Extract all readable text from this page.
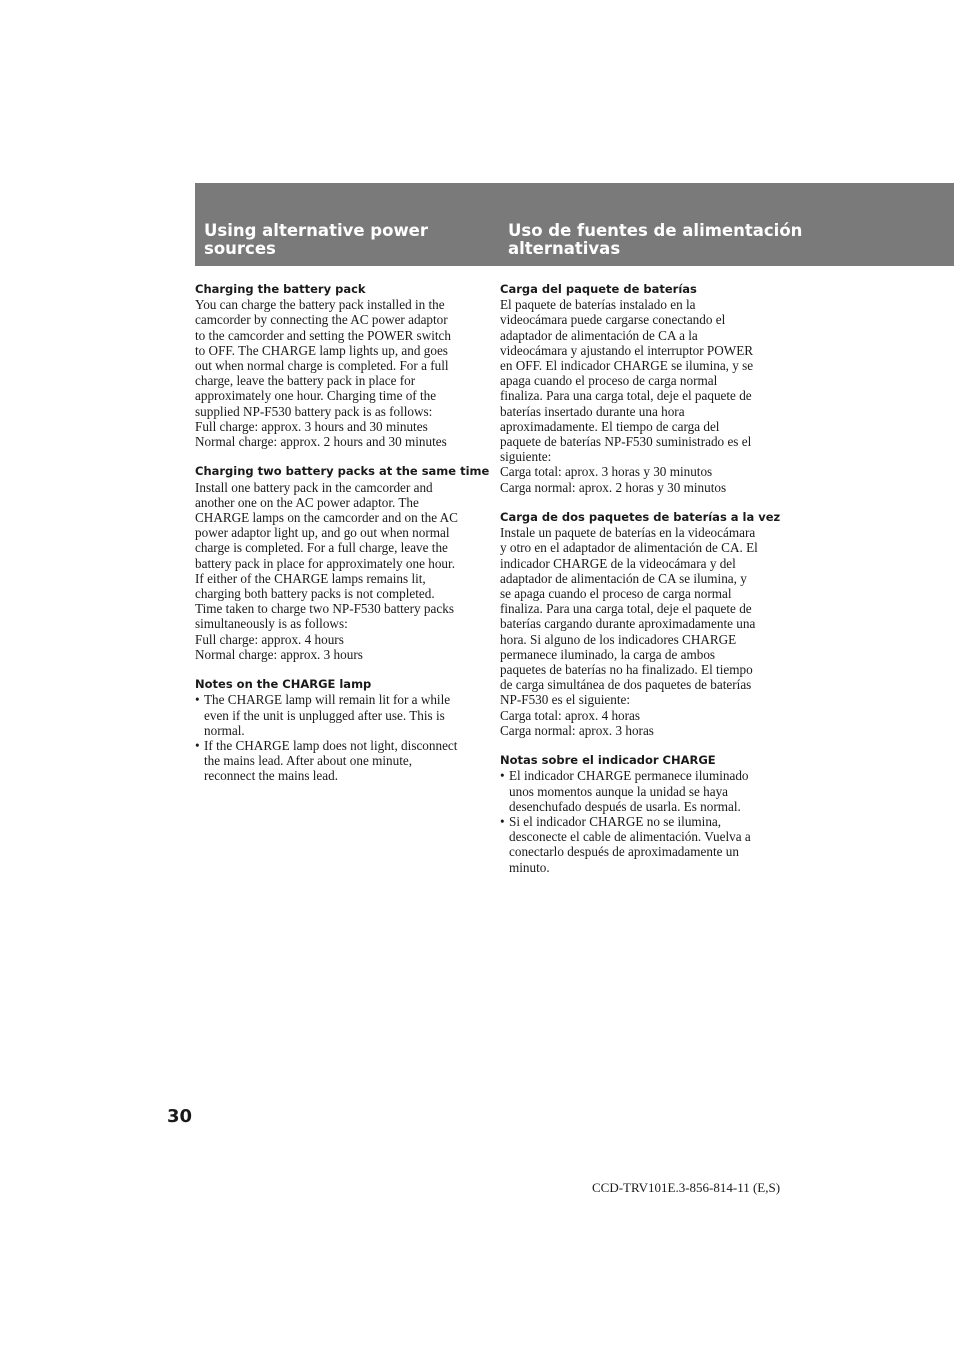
Using alternative power sources
Uso de fuentes de alimentación alternativas
Charging the battery pack
You can charge the battery pack installed in the
camcorder by connecting the AC power adaptor
to the camcorder and setting the POWER switch
to OFF. The CHARGE lamp lights up, and goes
out when normal charge is completed. For a full
charge, leave the battery pack in place for
approximately one hour. Charging time of the
supplied NP-F530 battery pack is as follows:
Full charge: approx. 3 hours and 30 minutes
Normal charge: approx. 2 hours and 30 minutes
Charging two battery packs at the same time
Install one battery pack in the camcorder and
another one on the AC power adaptor. The
CHARGE lamps on the camcorder and on the AC
power adaptor light up, and go out when normal
charge is completed. For a full charge, leave the
battery pack in place for approximately one hour.
If either of the CHARGE lamps remains lit,
charging both battery packs is not completed.
Time taken to charge two NP-F530 battery packs
simultaneously is as follows:
Full charge: approx. 4 hours
Normal charge: approx. 3 hours
Notes on the CHARGE lamp
• The CHARGE lamp will remain lit for a while
even if the unit is unplugged after use. This is
normal.
• If the CHARGE lamp does not light, disconnect
the mains lead. After about one minute,
reconnect the mains lead.
Carga del paquete de baterías
El paquete de baterías instalado en la
videocámara puede cargarse conectando el
adaptador de alimentación de CA a la
videocámara y ajustando el interruptor POWER
en OFF. El indicador CHARGE se ilumina, y se
apaga cuando el proceso de carga normal
finaliza. Para una carga total, deje el paquete de
baterías insertado durante una hora
aproximadamente. El tiempo de carga del
paquete de baterías NP-F530 suministrado es el
siguiente:
Carga total: aprox. 3 horas y 30 minutos
Carga normal: aprox. 2 horas y 30 minutos
Carga de dos paquetes de baterías a la vez
Instale un paquete de baterías en la videocámara
y otro en el adaptador de alimentación de CA. El
indicador CHARGE de la videocámara y del
adaptador de alimentación de CA se ilumina, y
se apaga cuando el proceso de carga normal
finaliza. Para una carga total, deje el paquete de
baterías cargando durante aproximadamente una
hora. Si alguno de los indicadores CHARGE
permanece iluminado, la carga de ambos
paquetes de baterías no ha finalizado. El tiempo
de carga simultánea de dos paquetes de baterías
NP-F530 es el siguiente:
Carga total: aprox. 4 horas
Carga normal: aprox. 3 horas
Notas sobre el indicador CHARGE
• El indicador CHARGE permanece iluminado
unos momentos aunque la unidad se haya
desenchufado después de usarla. Es normal.
• Si el indicador CHARGE no se ilumina,
desconecte el cable de alimentación. Vuelva a
conectarlo después de aproximadamente un
minuto.
30
CCD-TRV101E.3-856-814-11 (E,S)
